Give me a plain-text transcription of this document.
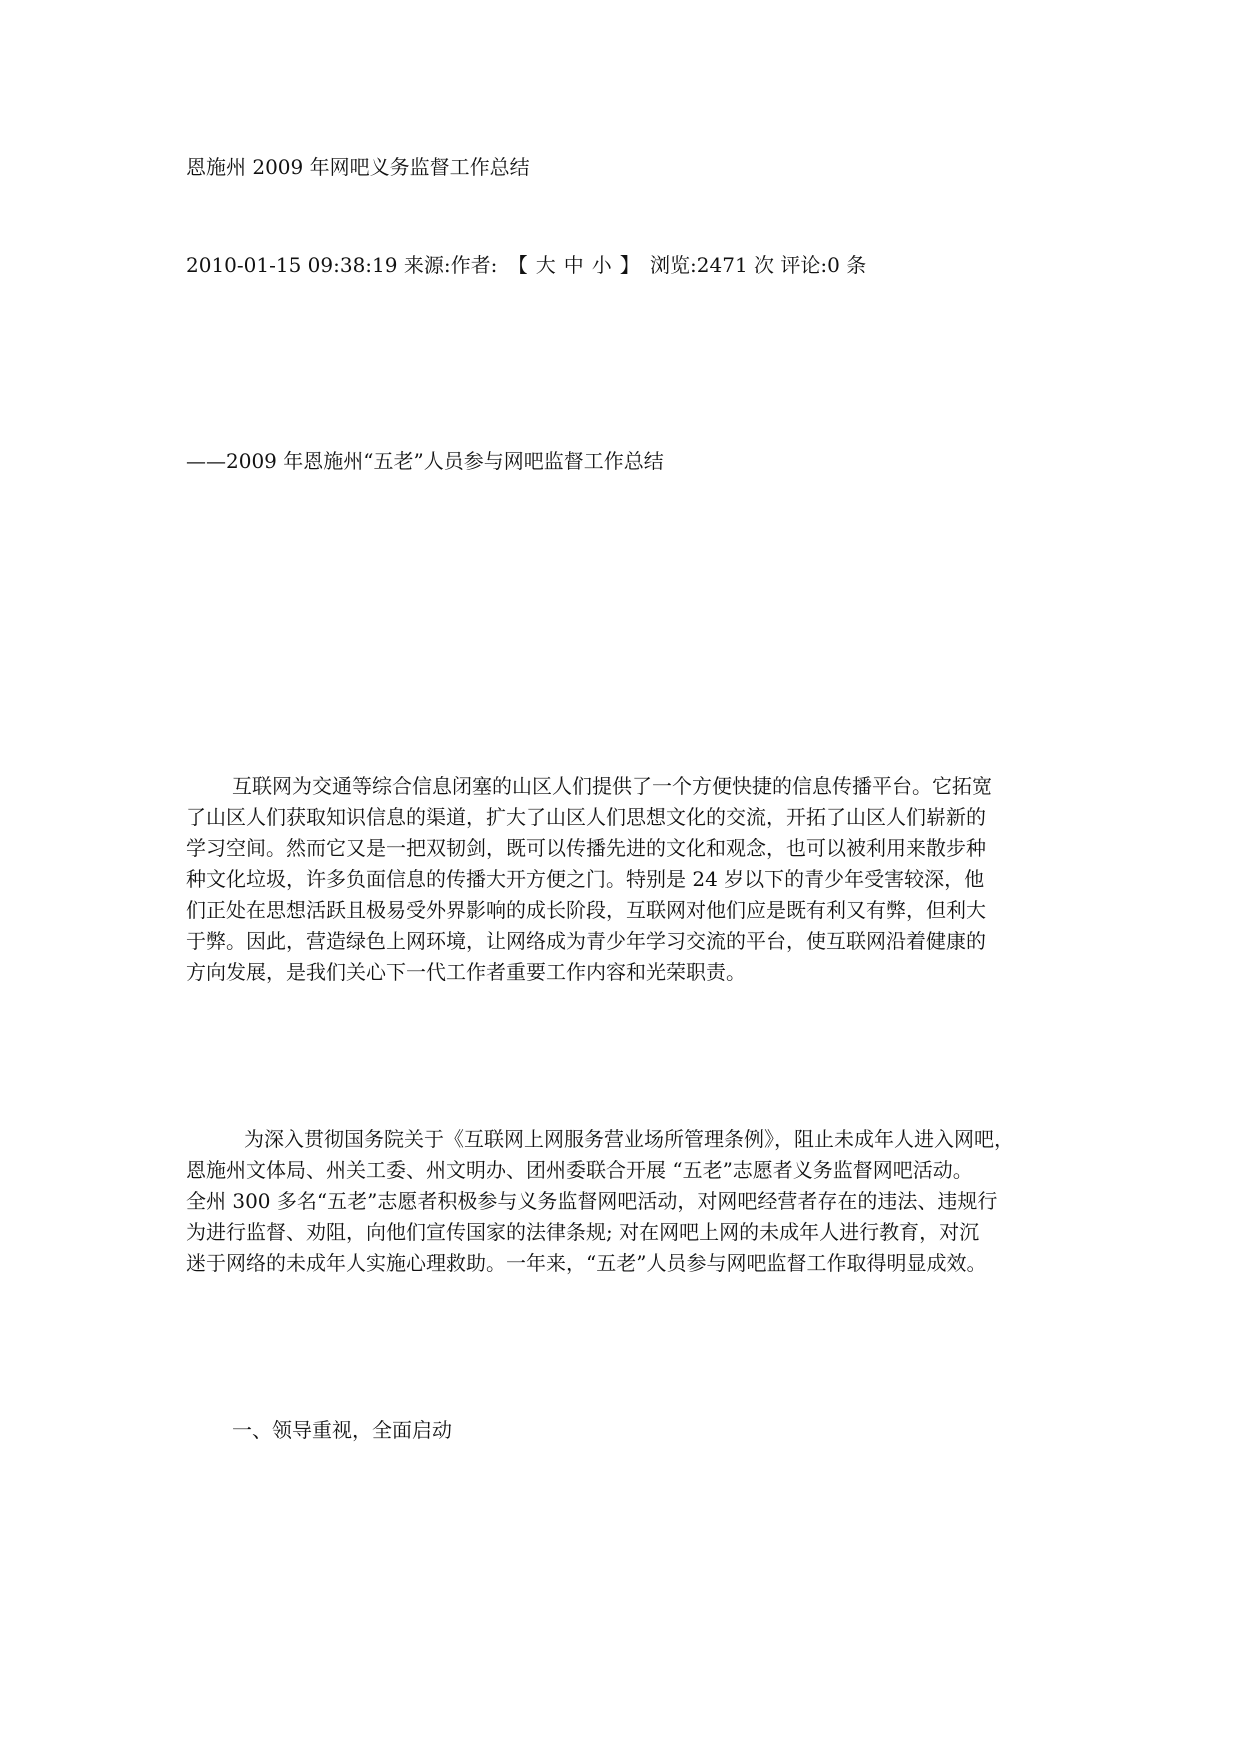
恩施州 2009 年网吧义务监督工作总结
2010-01-15 09:38:19 来源:作者: 【 大 中 小 】 浏览:2471 次 评论:0 条
——2009 年恩施州“五老”人员参与网吧监督工作总结

互联网为交通等综合信息闭塞的山区人们提供了一个方便快捷的信息传播平台。它拓宽

了山区人们获取知识信息的渠道，扩大了山区人们思想文化的交流，开拓了山区人们崭新的

学习空间。然而它又是一把双韧剑，既可以传播先进的文化和观念，也可以被利用来散步种

种文化垃圾，许多负面信息的传播大开方便之门。特别是 24 岁以下的青少年受害较深，他

们正处在思想活跃且极易受外界影响的成长阶段，互联网对他们应是既有利又有弊，但利大

于弊。因此，营造绿色上网环境，让网络成为青少年学习交流的平台，使互联网沿着健康的

方向发展，是我们关心下一代工作者重要工作内容和光荣职责。

为深入贯彻国务院关于《互联网上网服务营业场所管理条例》，阻止未成年人进入网吧，

恩施州文体局、州关工委、州文明办、团州委联合开展 “五老”志愿者义务监督网吧活动。

全州 300 多名“五老”志愿者积极参与义务监督网吧活动，对网吧经营者存在的违法、违规行

为进行监督、劝阻，向他们宣传国家的法律条规; 对在网吧上网的未成年人进行教育，对沉

迷于网络的未成年人实施心理救助。一年来，“五老”人员参与网吧监督工作取得明显成效。

一、领导重视，全面启动
